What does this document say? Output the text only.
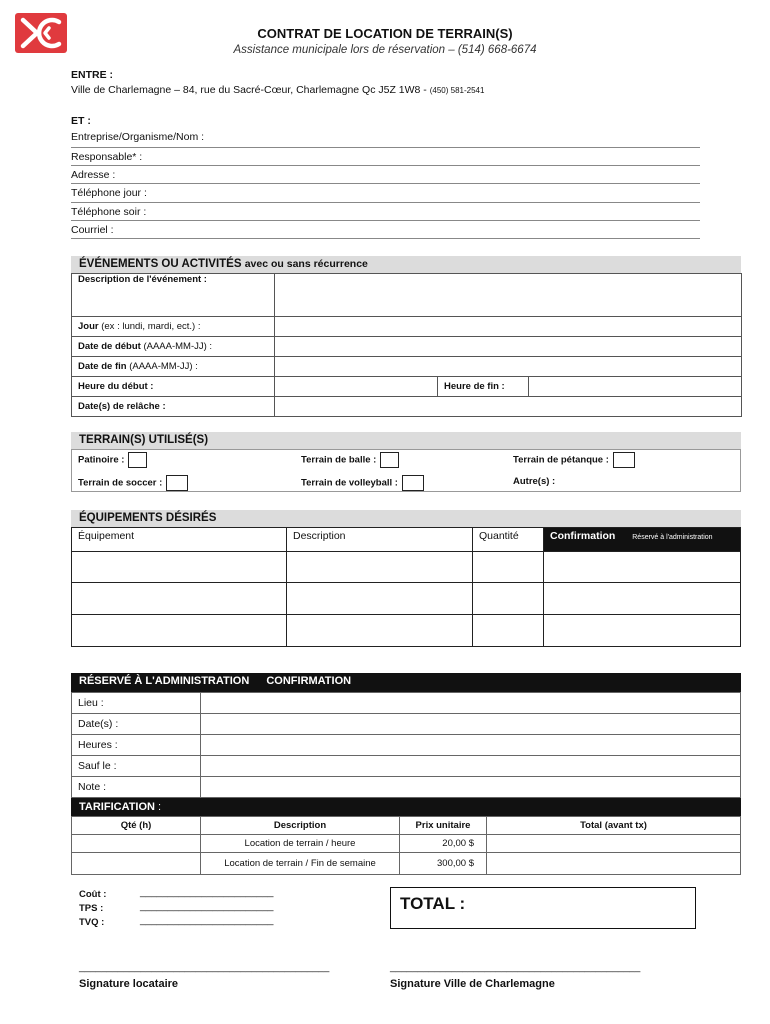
CONTRAT DE LOCATION DE TERRAIN(S)
Assistance municipale lors de réservation – (514) 668-6674
ENTRE :
Ville de Charlemagne – 84, rue du Sacré-Cœur, Charlemagne Qc J5Z 1W8 - (450) 581-2541
ET :
Entreprise/Organisme/Nom :
Responsable* :
Adresse :
Téléphone jour :
Téléphone soir :
Courriel :
ÉVÉNEMENTS OU ACTIVITÉS avec ou sans récurrence
Description de l'événement :			
Jour (ex : lundi, mardi, ect.) :			
Date de début (AAAA-MM-JJ) :			
Date de fin (AAAA-MM-JJ) :			
Heure du début :		Heure de fin :	
Date(s) de relâche :			
TERRAIN(S) UTILISÉ(S)
Patinoire :	Terrain de balle :	Terrain de pétanque :
Terrain de soccer :	Terrain de volleyball :	Autre(s) :
ÉQUIPEMENTS DÉSIRÉS
Équipement	Description	Quantité	Confirmation Réservé à l'administration

RÉSERVÉ À L'ADMINISTRATION CONFIRMATION
Lieu :	
Date(s) :	
Heures :	
Sauf le :	
Note :	
TARIFICATION :
Qté (h)	Description	Prix unitaire	Total (avant tx)
	Location de terrain / heure	20,00 $	
	Location de terrain / Fin de semaine	300,00 $	
Coût :
TPS :
TVQ :
________________________
________________________
________________________
TOTAL :
_____________________________________________
Signature locataire
_____________________________________________
Signature Ville de Charlemagne
